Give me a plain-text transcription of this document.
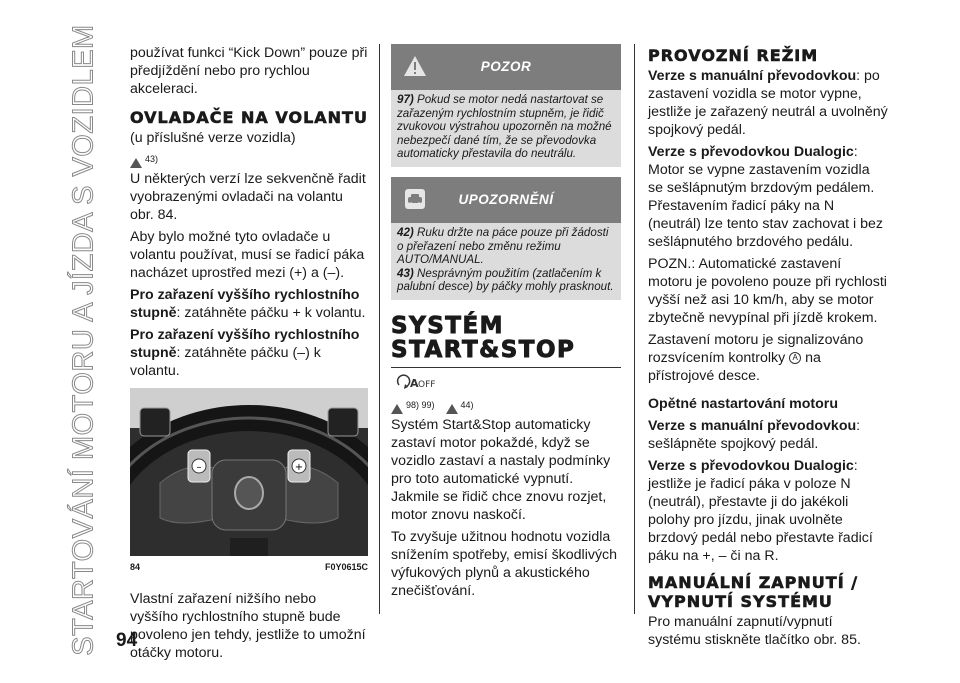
STARTOVÁNÍ MOTORU A JÍZDA S VOZIDLEM používat funkci “Kick Down” pouze při předjíždění nebo pro rychlou akceleraci.

OVLADAČE NA VOLANTU

(u příslušné verze vozidla)

43)

U některých verzí lze sekvenčně řadit vyobrazenými ovladači na volantu obr. 84.

Aby bylo možné tyto ovladače u volantu používat, musí se řadicí páka nacházet uprostřed mezi (+) a (–).

Pro zařazení vyššího rychlostního stupně: zatáhněte páčku + k volantu.

Pro zařazení vyššího rychlostního stupně: zatáhněte páčku (–) k volantu.

–	+
84	F0Y0615C

Vlastní zařazení nižšího nebo vyššího rychlostního stupně bude povoleno jen tehdy, jestliže to umožní otáčky motoru.

POZOR
97) Pokud se motor nedá nastartovat se zařazeným rychlostním stupněm, je řidič zvukovou výstrahou upozorněn na možné nebezpečí dané tím, že se převodovka automaticky přestavila do neutrálu.
UPOZORNĚNÍ
42) Ruku držte na páce pouze při žádosti o přeřazení nebo změnu režimu AUTO/MANUAL.
43) Nesprávným použitím (zatlačením k palubní desce) by páčky mohly prasknout.
SYSTÉM
START&STOP
A OFF
98) 99)	44)

Systém Start&Stop automaticky zastaví motor pokaždé, když se vozidlo zastaví a nastaly podmínky pro toto automatické vypnutí. Jakmile se řidič chce znovu rozjet, motor znovu naskočí.

To zvyšuje užitnou hodnotu vozidla snížením spotřeby, emisí škodlivých výfukových plynů a akustického znečišťování.

PROVOZNÍ REŽIM

Verze s manuální převodovkou: po zastavení vozidla se motor vypne, jestliže je zařazený neutrál a uvolněný spojkový pedál.

Verze s převodovkou Dualogic: Motor se vypne zastavením vozidla se sešlápnutým brzdovým pedálem. Přestavením řadicí páky na N (neutrál) lze tento stav zachovat i bez sešlápnutého brzdového pedálu.

POZN.: Automatické zastavení motoru je povoleno pouze při rychlosti vyšší než asi 10 km/h, aby se motor zbytečně nevypínal při jízdě krokem.

Zastavení motoru je signalizováno rozsvícením kontrolky A na přístrojové desce.

Opětné nastartování motoru

Verze s manuální převodovkou: sešlápněte spojkový pedál.

Verze s převodovkou Dualogic: jestliže je řadicí páka v poloze N (neutrál), přestavte ji do jakékoli polohy pro jízdu, jinak uvolněte brzdový pedál nebo přestavte řadicí páku na +, – či na R.

MANUÁLNÍ ZAPNUTÍ /
VYPNUTÍ SYSTÉMU

Pro manuální zapnutí/vypnutí systému stiskněte tlačítko obr. 85.

94
